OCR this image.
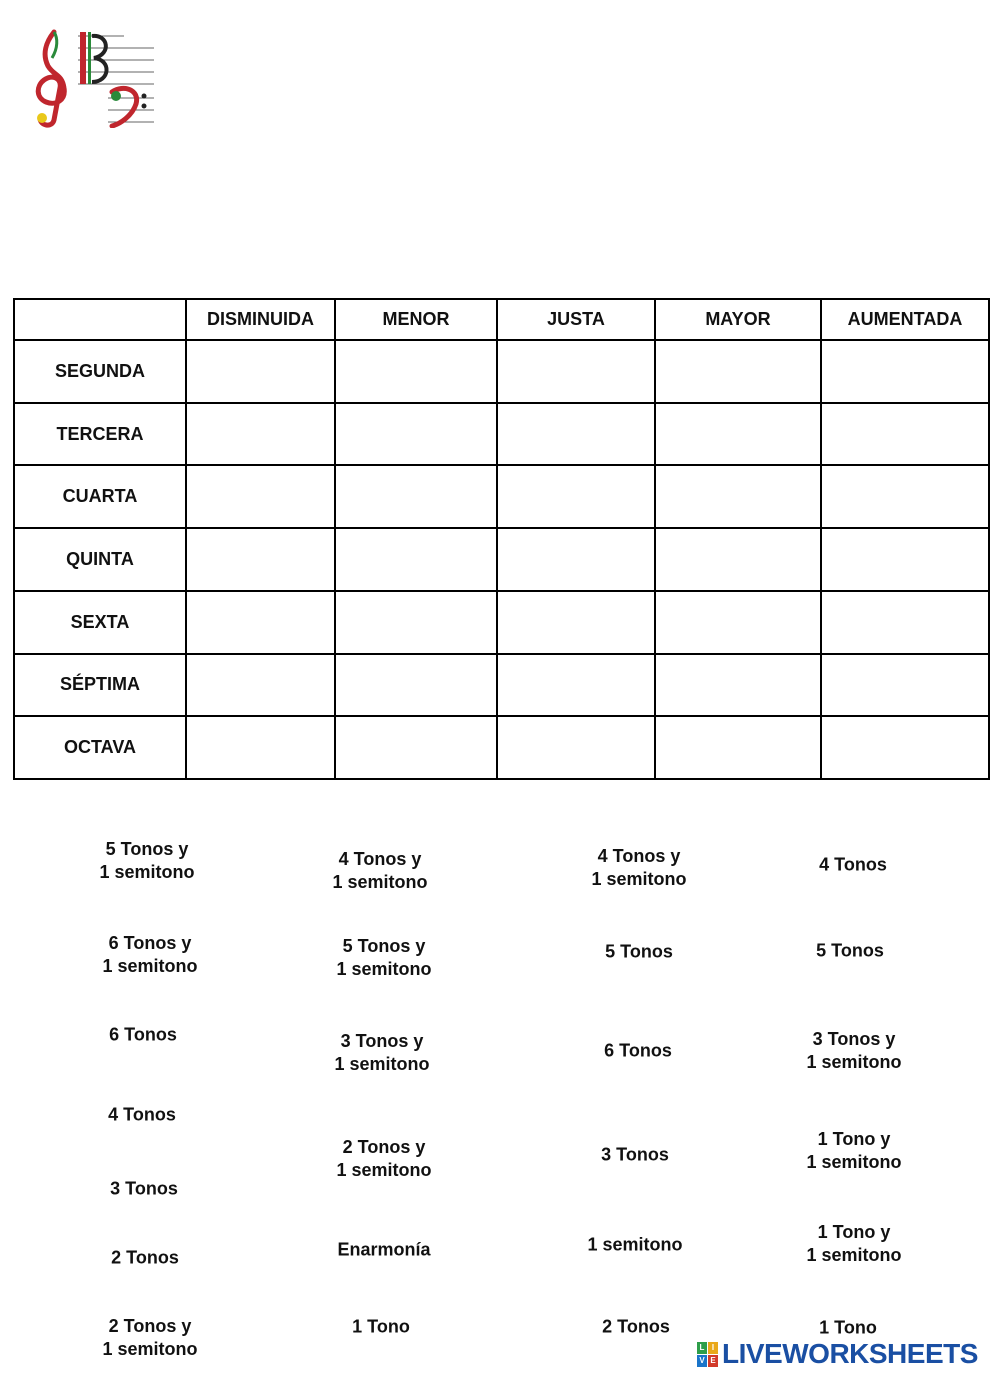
	DISMINUIDA	MENOR	JUSTA	MAYOR	AUMENTADA
SEGUNDA					
TERCERA					
CUARTA					
QUINTA					
SEXTA					
SÉPTIMA					
OCTAVA					
5 Tonos y
1 semitono
4 Tonos y
1 semitono
4 Tonos y
1 semitono
4 Tonos
6 Tonos y
1 semitono
5 Tonos y
1 semitono
5 Tonos	5 Tonos
6 Tonos	3 Tonos y
1 semitono
6 Tonos
3 Tonos y
1 semitono
4 Tonos
2 Tonos y
1 semitono
3 Tonos
1 Tono y
1 semitono
3 Tonos
2 Tonos	Enarmonía	1 semitono
1 Tono y
1 semitono
2 Tonos y
1 semitono
1 Tono	2 Tonos	1 Tono
L I
V E LIVEWORKSHEETS
